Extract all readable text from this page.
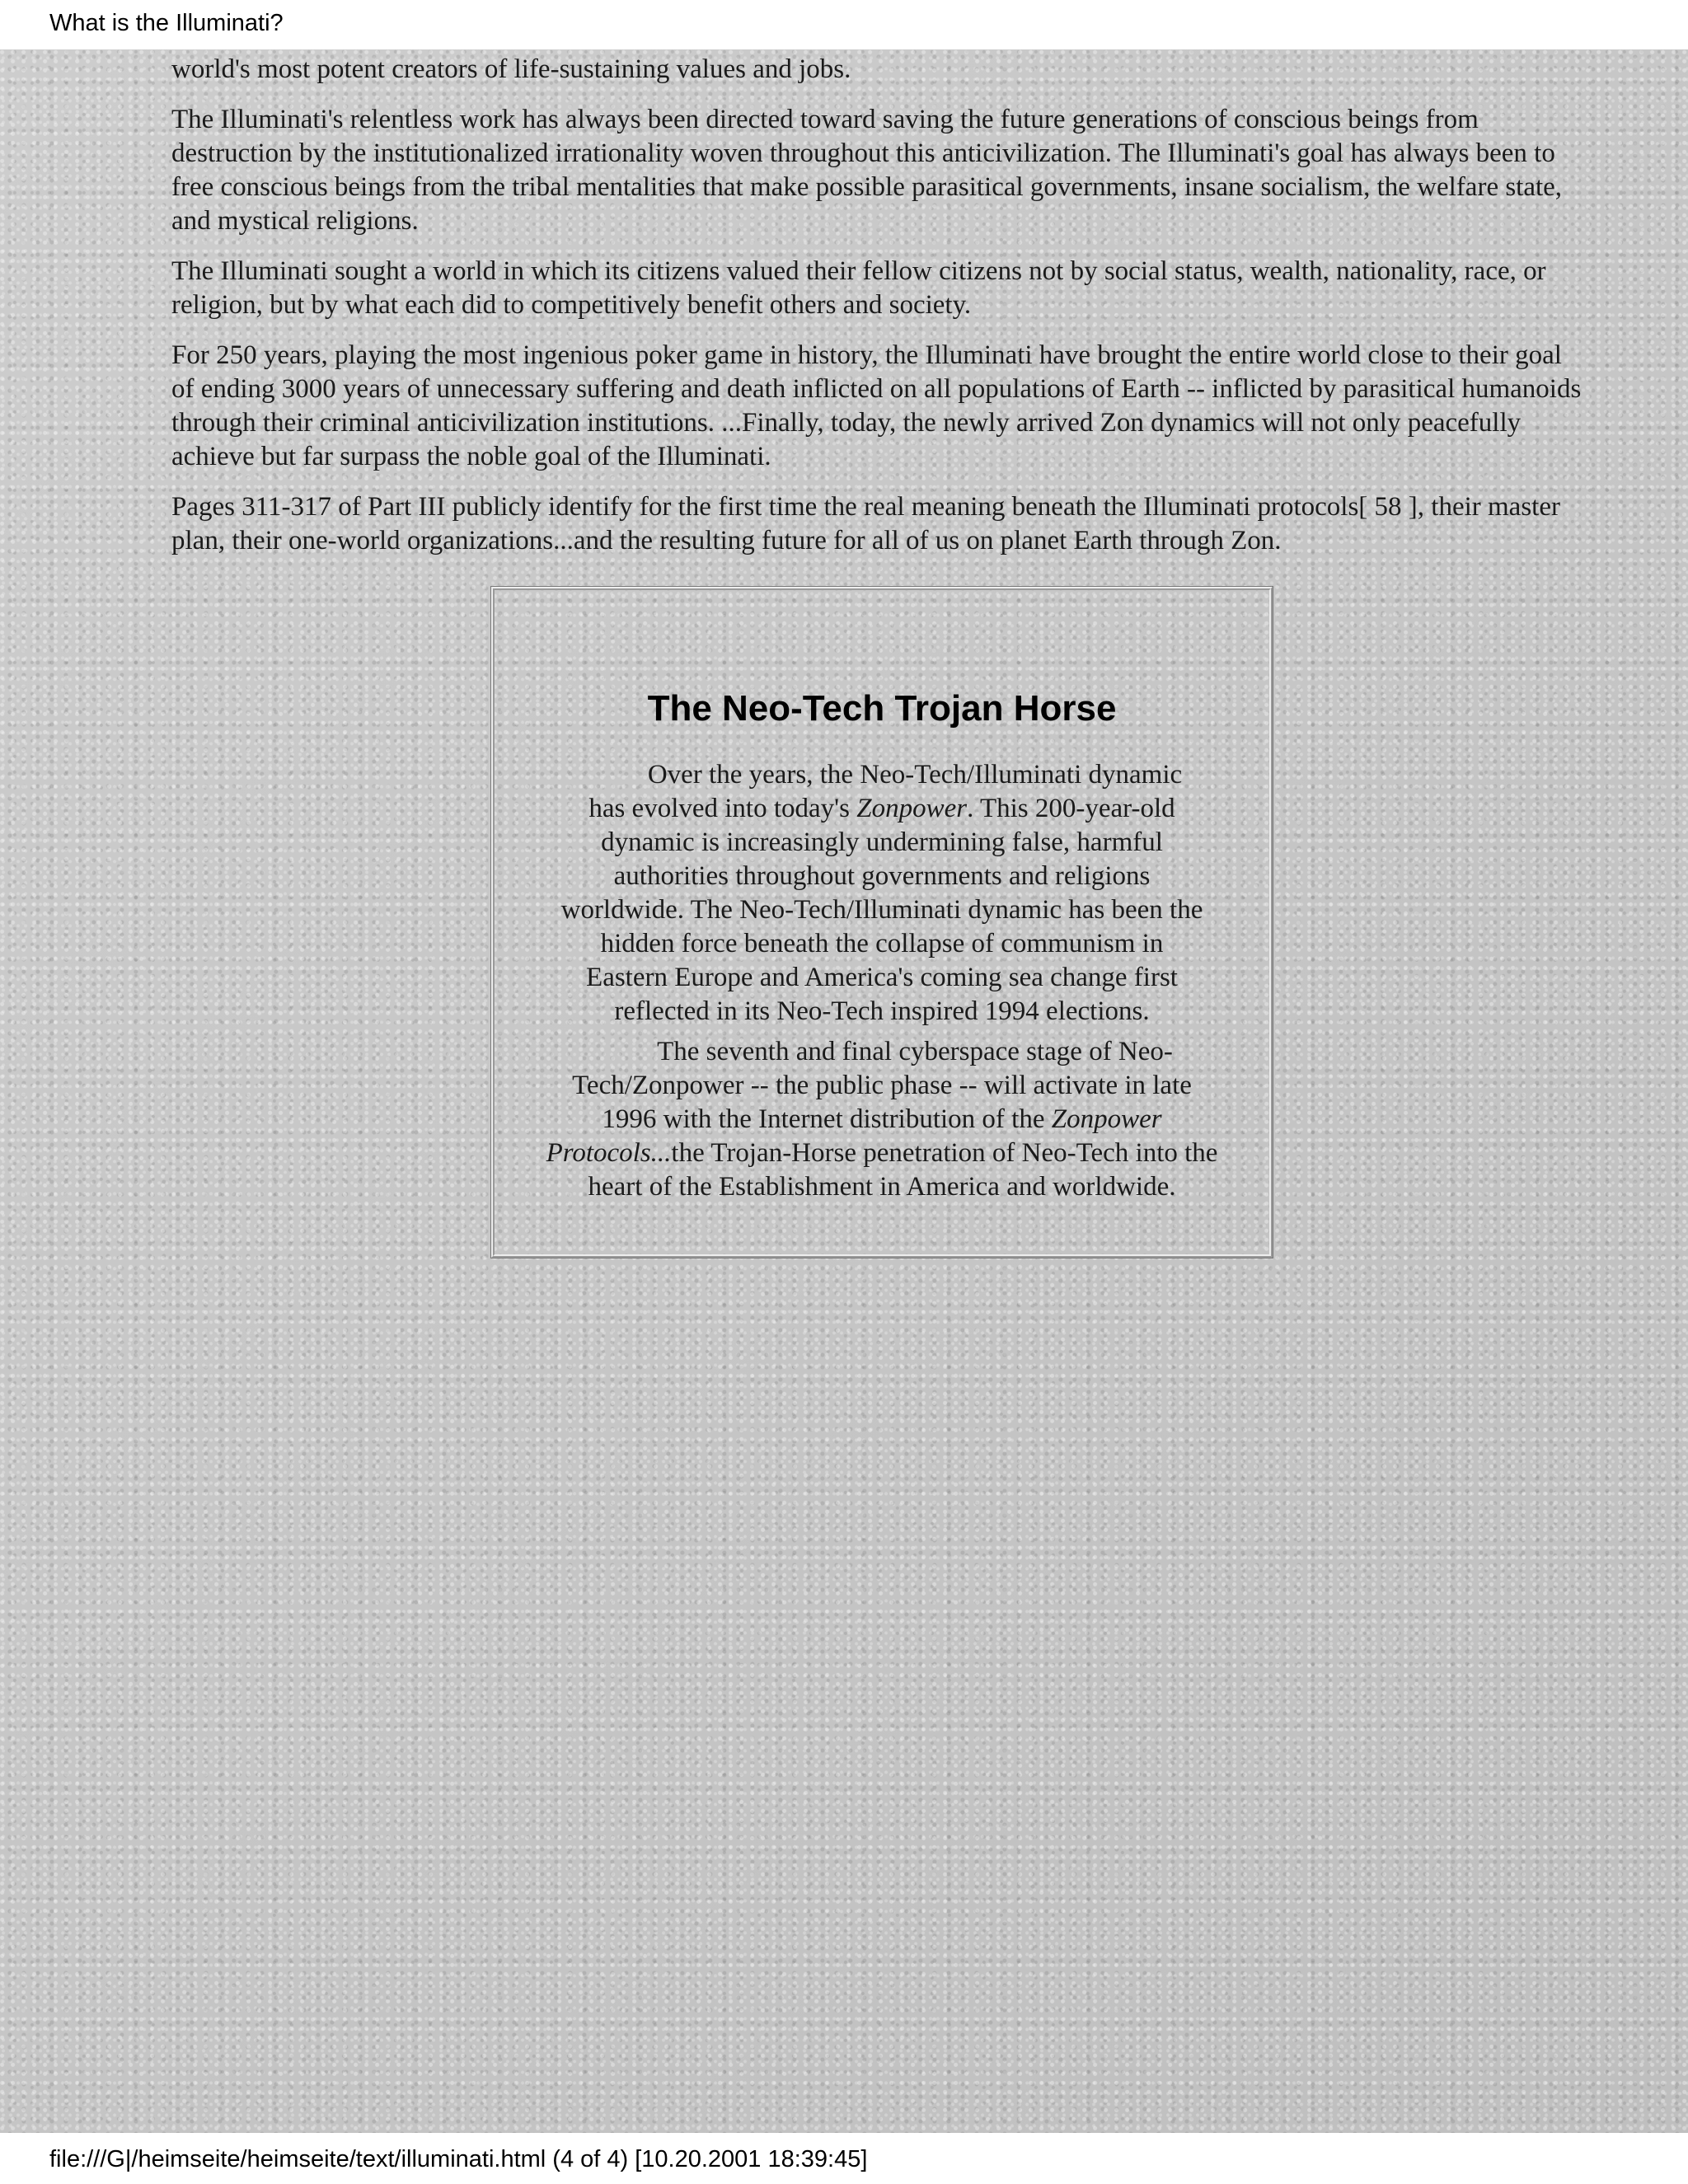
What is the Illuminati?

world's most potent creators of life-sustaining values and jobs.

The Illuminati's relentless work has always been directed toward saving the future generations of conscious beings from destruction by the institutionalized irrationality woven throughout this anticivilization. The Illuminati's goal has always been to free conscious beings from the tribal mentalities that make possible parasitical governments, insane socialism, the welfare state, and mystical religions.

The Illuminati sought a world in which its citizens valued their fellow citizens not by social status, wealth, nationality, race, or religion, but by what each did to competitively benefit others and society.

For 250 years, playing the most ingenious poker game in history, the Illuminati have brought the entire world close to their goal of ending 3000 years of unnecessary suffering and death inflicted on all populations of Earth -- inflicted by parasitical humanoids through their criminal anticivilization institutions. ...Finally, today, the newly arrived Zon dynamics will not only peacefully achieve but far surpass the noble goal of the Illuminati.

Pages 311-317 of Part III publicly identify for the first time the real meaning beneath the Illuminati protocols[ 58 ], their master plan, their one-world organizations...and the resulting future for all of us on planet Earth through Zon.

The Neo-Tech Trojan Horse

Over the years, the Neo-Tech/Illuminati dynamic has evolved into today's Zonpower. This 200-year-old dynamic is increasingly undermining false, harmful authorities throughout governments and religions worldwide. The Neo-Tech/Illuminati dynamic has been the hidden force beneath the collapse of communism in Eastern Europe and America's coming sea change first reflected in its Neo-Tech inspired 1994 elections.

The seventh and final cyberspace stage of Neo-Tech/Zonpower -- the public phase -- will activate in late 1996 with the Internet distribution of the Zonpower Protocols...the Trojan-Horse penetration of Neo-Tech into the heart of the Establishment in America and worldwide.

file:///G|/heimseite/heimseite/text/illuminati.html (4 of 4) [10.20.2001 18:39:45]
